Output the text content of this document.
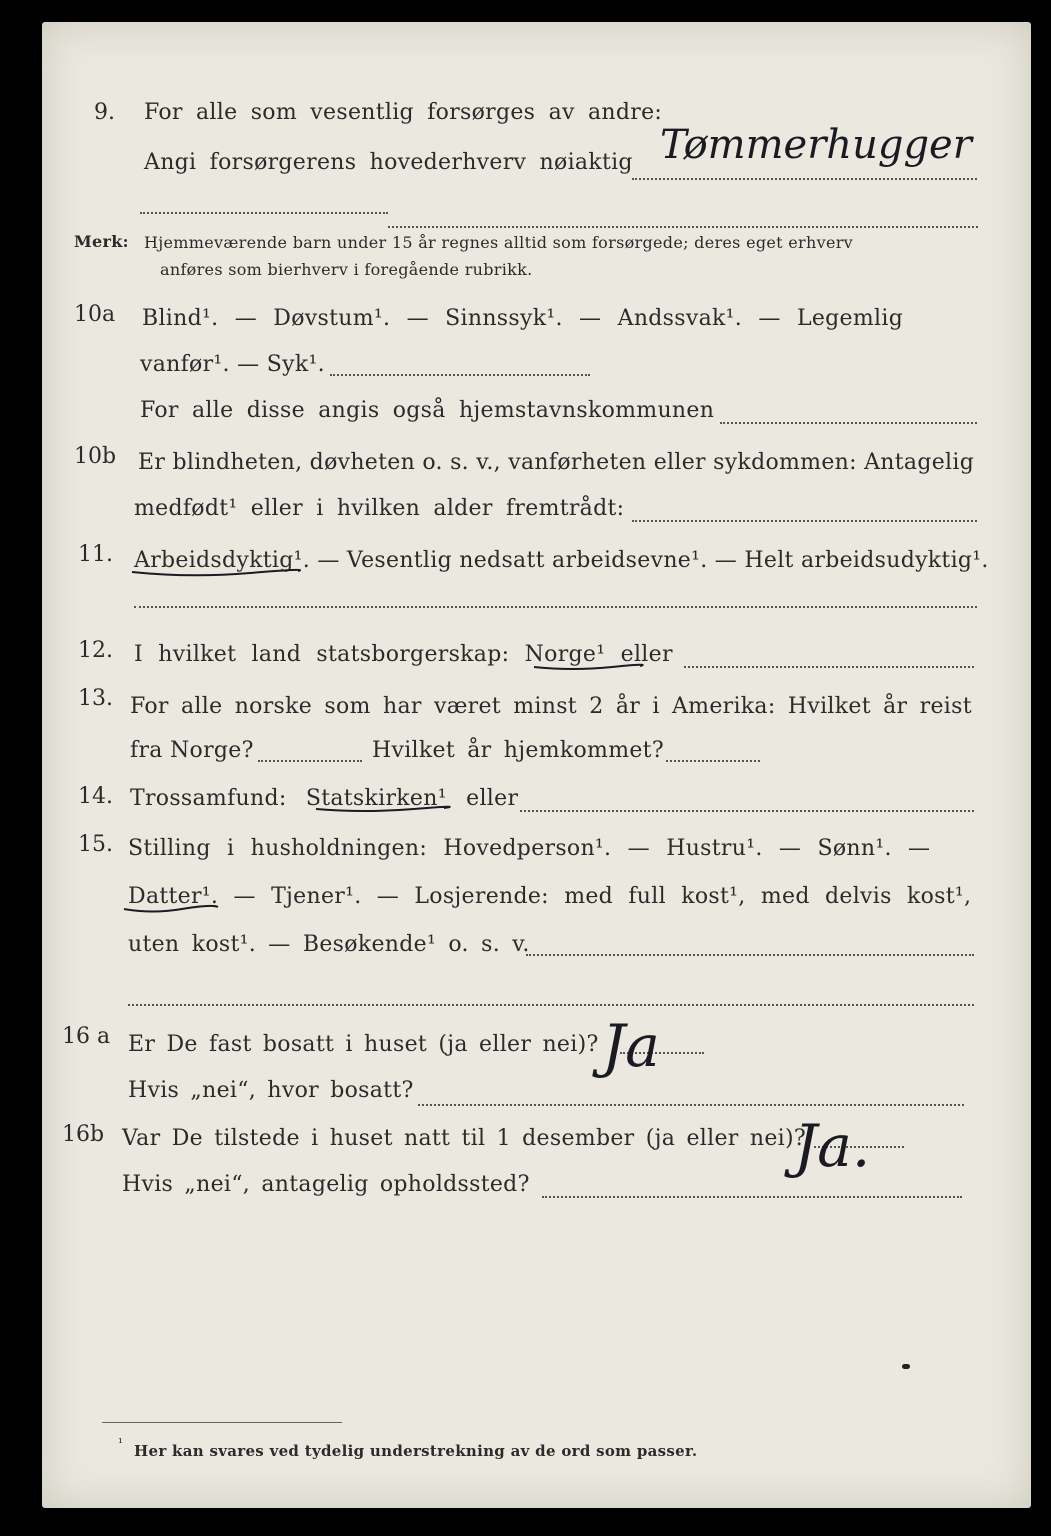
9. For alle som vesentlig forsørges av andre:
Angi forsørgerens hovederhverv nøiaktig Tømmerhugger
Merk: Hjemmeværende barn under 15 år regnes alltid som forsørgede; deres eget erhverv
anføres som bierhverv i foregående rubrikk.
10a Blind¹. — Døvstum¹. — Sinnssyk¹. — Andssvak¹. — Legemlig
vanfør¹. — Syk¹.
For alle disse angis også hjemstavnskommunen
10b Er blindheten, døvheten o. s. v., vanførheten eller sykdommen: Antagelig
medfødt¹ eller i hvilken alder fremtrådt:
11. Arbeidsdyktig¹. — Vesentlig nedsatt arbeidsevne¹. — Helt arbeidsudyktig¹.
12. I hvilket land statsborgerskap: Norge¹ eller
13. For alle norske som har været minst 2 år i Amerika: Hvilket år reist
fra Norge?	Hvilket år hjemkommet?
14. Trossamfund: Statskirken¹ eller
15. Stilling i husholdningen: Hovedperson¹. — Hustru¹. — Sønn¹. —
Datter¹. — Tjener¹. — Losjerende: med full kost¹, med delvis kost¹,
uten kost¹. — Besøkende¹ o. s. v.
16 a Er De fast bosatt i huset (ja eller nei)?
Hvis „nei“, hvor bosatt?
Ja
16b Var De tilstede i huset natt til 1 desember (ja eller nei)?
Hvis „nei“, antagelig opholdssted?
Ja.
¹ Her kan svares ved tydelig understrekning av de ord som passer.
